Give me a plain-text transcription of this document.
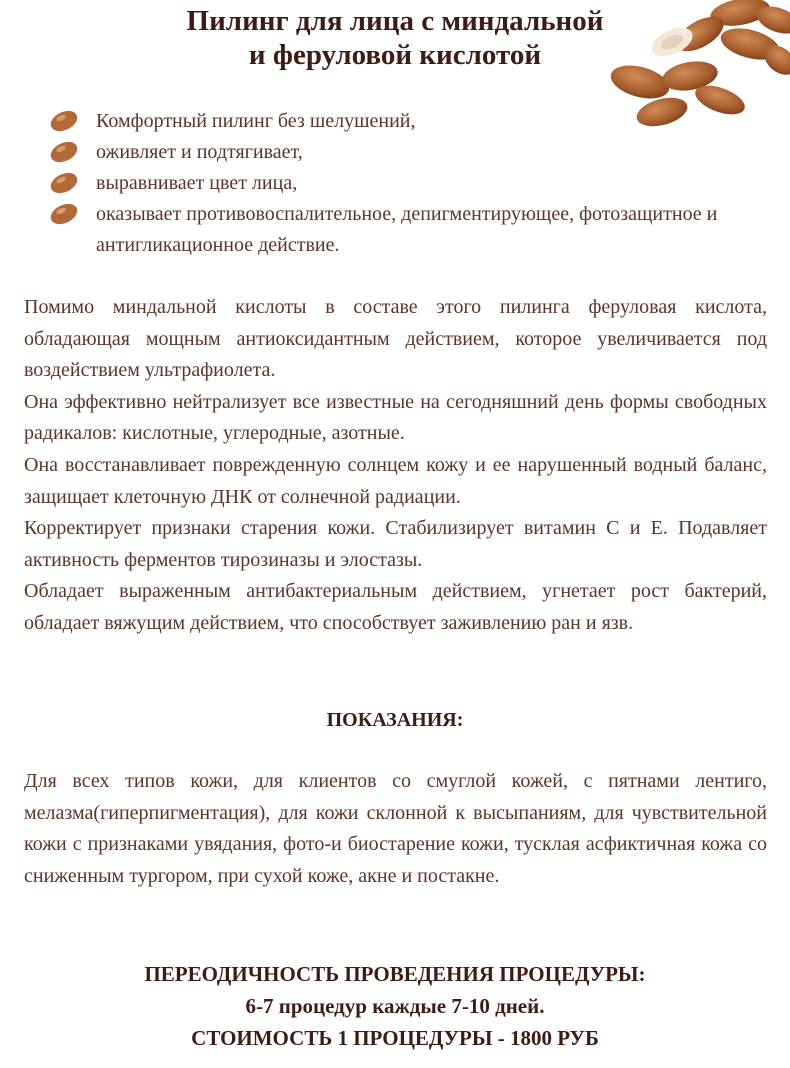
Пилинг для лица с миндальной
и феруловой кислотой
Комфортный пилинг без шелушений,
оживляет и подтягивает,
выравнивает цвет лица,
оказывает противовоспалительное, депигментирующее, фотозащитное и антигликационное действие.

Помимо миндальной кислоты в составе этого пилинга феруловая кислота, обладающая мощным антиоксидантным действием, которое увеличивается под воздействием ультрафиолета.

Она эффективно нейтрализует все известные на сегодняшний день формы свободных радикалов: кислотные, углеродные, азотные.

Она восстанавливает поврежденную солнцем кожу и ее нарушенный водный баланс, защищает клеточную ДНК от солнечной радиации.

Корректирует признаки старения кожи. Стабилизирует витамин С и Е. Подавляет активность ферментов тирозиназы и элостазы.

Обладает выраженным антибактериальным действием, угнетает рост бактерий, обладает вяжущим действием, что способствует заживлению ран и язв.

ПОКАЗАНИЯ:

Для всех типов кожи, для клиентов со смуглой кожей, с пятнами лентиго, мелазма(гиперпигментация), для кожи склонной к высыпаниям, для чувствительной кожи с признаками увядания, фото-и биостарение кожи, тусклая асфиктичная кожа со сниженным тургором, при сухой коже, акне и постакне.

ПЕРЕОДИЧНОСТЬ ПРОВЕДЕНИЯ ПРОЦЕДУРЫ:
6-7 процедур каждые 7-10 дней.
СТОИМОСТЬ 1 ПРОЦЕДУРЫ - 1800 РУБ
